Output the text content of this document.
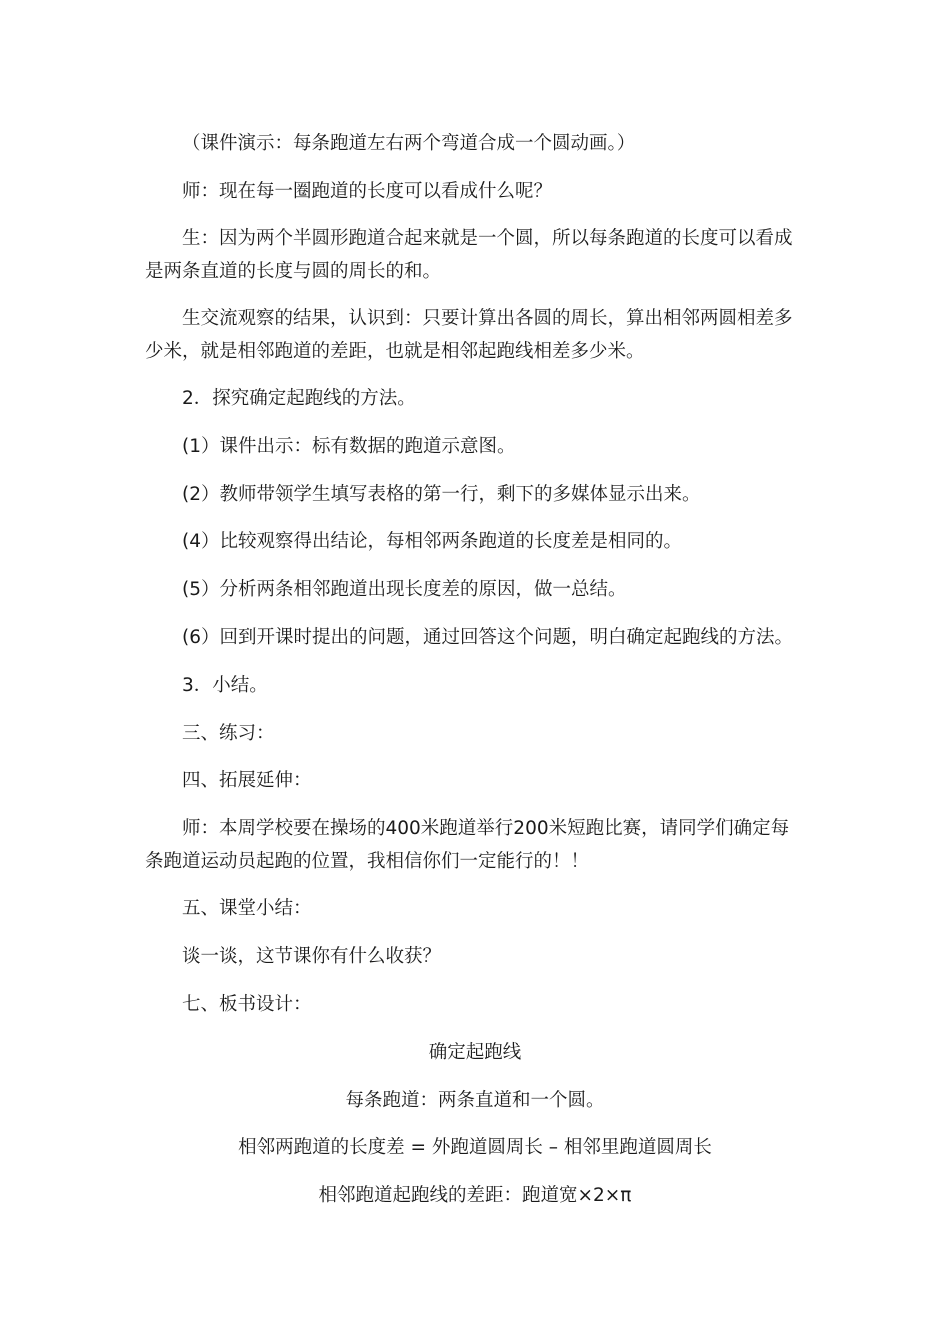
（课件演示：每条跑道左右两个弯道合成一个圆动画。）

师：现在每一圈跑道的长度可以看成什么呢？

生：因为两个半圆形跑道合起来就是一个圆，所以每条跑道的长度可以看成是两条直道的长度与圆的周长的和。

生交流观察的结果，认识到：只要计算出各圆的周长，算出相邻两圆相差多少米，就是相邻跑道的差距，也就是相邻起跑线相差多少米。

2．探究确定起跑线的方法。

(1）课件出示：标有数据的跑道示意图。

(2）教师带领学生填写表格的第一行，剩下的多媒体显示出来。

(4）比较观察得出结论，每相邻两条跑道的长度差是相同的。

(5）分析两条相邻跑道出现长度差的原因，做一总结。

(6）回到开课时提出的问题，通过回答这个问题，明白确定起跑线的方法。

3．小结。

三、练习：

四、拓展延伸：

师：本周学校要在操场的400米跑道举行200米短跑比赛，请同学们确定每条跑道运动员起跑的位置，我相信你们一定能行的！！

五、课堂小结：

谈一谈，这节课你有什么收获？

七、板书设计：

确定起跑线

每条跑道：两条直道和一个圆。

相邻两跑道的长度差 = 外跑道圆周长 – 相邻里跑道圆周长

相邻跑道起跑线的差距：跑道宽×2×π
